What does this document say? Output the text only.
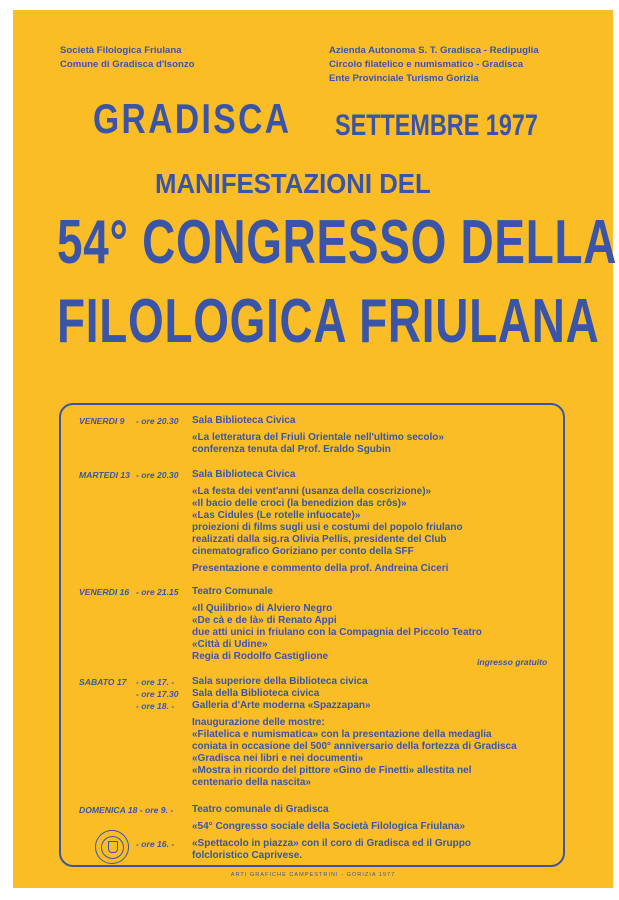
Società Filologica Friulana
Comune di Gradisca d'Isonzo
Azienda Autonoma S. T. Gradisca - Redipuglia
Circolo filatelico e numismatico - Gradisca
Ente Provinciale Turismo Gorizia
GRADISCA SETTEMBRE 1977
MANIFESTAZIONI DEL
54° CONGRESSO DELLA
FILOLOGICA FRIULANA
VENERDI 9 - ore 20.30 Sala Biblioteca Civica
«La letteratura del Friuli Orientale nell'ultimo secolo»
conferenza tenuta dal Prof. Eraldo Sgubin
MARTEDI 13 - ore 20.30 Sala Biblioteca Civica
«La festa dei vent'anni (usanza della coscrizione)»
«Il bacio delle croci (la benedizion das crôs)»
«Las Cidules (Le rotelle infuocate)»
proiezioni di films sugli usi e costumi del popolo friulano
realizzati dalla sig.ra Olivia Pellis, presidente del Club
cinematografico Goriziano per conto della SFF
Presentazione e commento della prof. Andreina Ciceri
VENERDI 16 - ore 21.15 Teatro Comunale
«Il Quilibrio» di Alviero Negro
«De cà e de là» di Renato Appi
due atti unici in friulano con la Compagnia del Piccolo Teatro
«Città di Udine»
Regia di Rodolfo Castiglione	ingresso gratuito
SABATO 17 - ore 17. -
- ore 17.30
- ore 18. -
Sala superiore della Biblioteca civica
Sala della Biblioteca civica
Galleria d'Arte moderna «Spazzapan»
Inaugurazione delle mostre:
«Filatelica e numismatica» con la presentazione della medaglia
coniata in occasione del 500° anniversario della fortezza di Gradisca
«Gradisca nei libri e nei documenti»
«Mostra in ricordo del pittore «Gino de Finetti» allestita nel
centenario della nascita»
DOMENICA 18 - ore 9. -
- ore 16. -
Teatro comunale di Gradisca
«54° Congresso sociale della Società Filologica Friulana»
«Spettacolo in piazza» con il coro di Gradisca ed il Gruppo
folcloristico Caprivese.
ARTI GRAFICHE CAMPESTRINI - GORIZIA 1977
